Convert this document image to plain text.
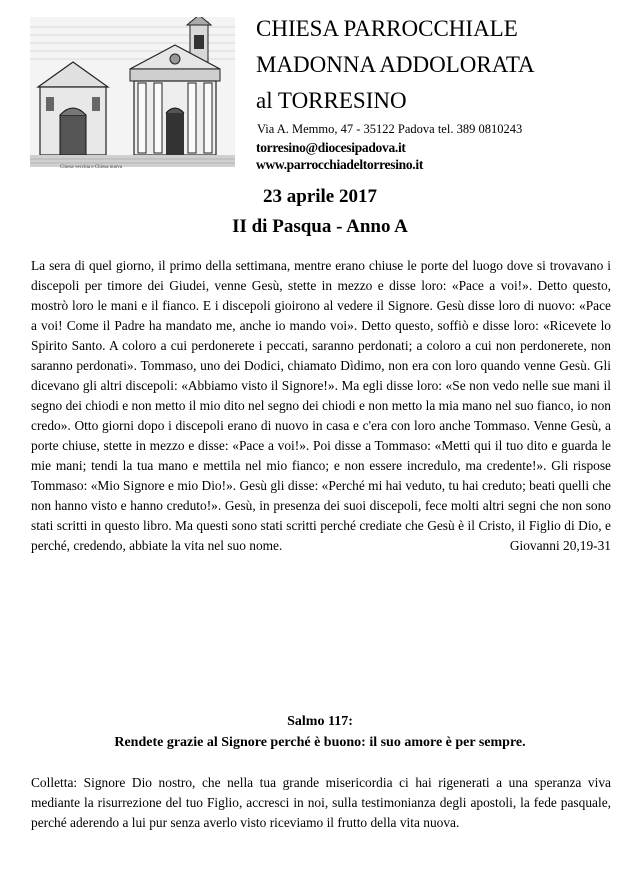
Chiesa vecchia e Chiesa nuova
CHIESA PARROCCHIALE
MADONNA ADDOLORATA
al TORRESINO
Via A. Memmo, 47 - 35122 Padova tel. 389 0810243
torresino@diocesipadova.it
www.parrocchiadeltorresino.it
23 aprile 2017
II di Pasqua - Anno A

La sera di quel giorno, il primo della settimana, mentre erano chiuse le porte del luogo dove si trovavano i discepoli per timore dei Giudei, venne Gesù, stette in mezzo e disse loro: «Pace a voi!». Detto questo, mostrò loro le mani e il fianco. E i discepoli gioirono al vedere il Signore. Gesù disse loro di nuovo: «Pace a voi! Come il Padre ha mandato me, anche io mando voi». Detto questo, soffiò e disse loro: «Ricevete lo Spirito Santo. A coloro a cui perdonerete i peccati, saranno perdonati; a coloro a cui non perdonerete, non saranno perdonati». Tommaso, uno dei Dodici, chiamato Dìdimo, non era con loro quando venne Gesù. Gli dicevano gli altri discepoli: «Abbiamo visto il Signore!». Ma egli disse loro: «Se non vedo nelle sue mani il segno dei chiodi e non metto il mio dito nel segno dei chiodi e non metto la mia mano nel suo fianco, io non credo». Otto giorni dopo i discepoli erano di nuovo in casa e c'era con loro anche Tommaso. Venne Gesù, a porte chiuse, stette in mezzo e disse: «Pace a voi!». Poi disse a Tommaso: «Metti qui il tuo dito e guarda le mie mani; tendi la tua mano e mettila nel mio fianco; e non essere incredulo, ma credente!». Gli rispose Tommaso: «Mio Signore e mio Dio!». Gesù gli disse: «Perché mi hai veduto, tu hai creduto; beati quelli che non hanno visto e hanno creduto!». Gesù, in presenza dei suoi discepoli, fece molti altri segni che non sono stati scritti in questo libro. Ma questi sono stati scritti perché crediate che Gesù è il Cristo, il Figlio di Dio, e perché, credendo, abbiate la vita nel suo nome.	Giovanni 20,19-31

Salmo 117:
Rendete grazie al Signore perché è buono: il suo amore è per sempre.

Colletta: Signore Dio nostro, che nella tua grande misericordia ci hai rigenerati a una speranza viva mediante la risurrezione del tuo Figlio, accresci in noi, sulla testimonianza degli apostoli, la fede pasquale, perché aderendo a lui pur senza averlo visto riceviamo il frutto della vita nuova.
